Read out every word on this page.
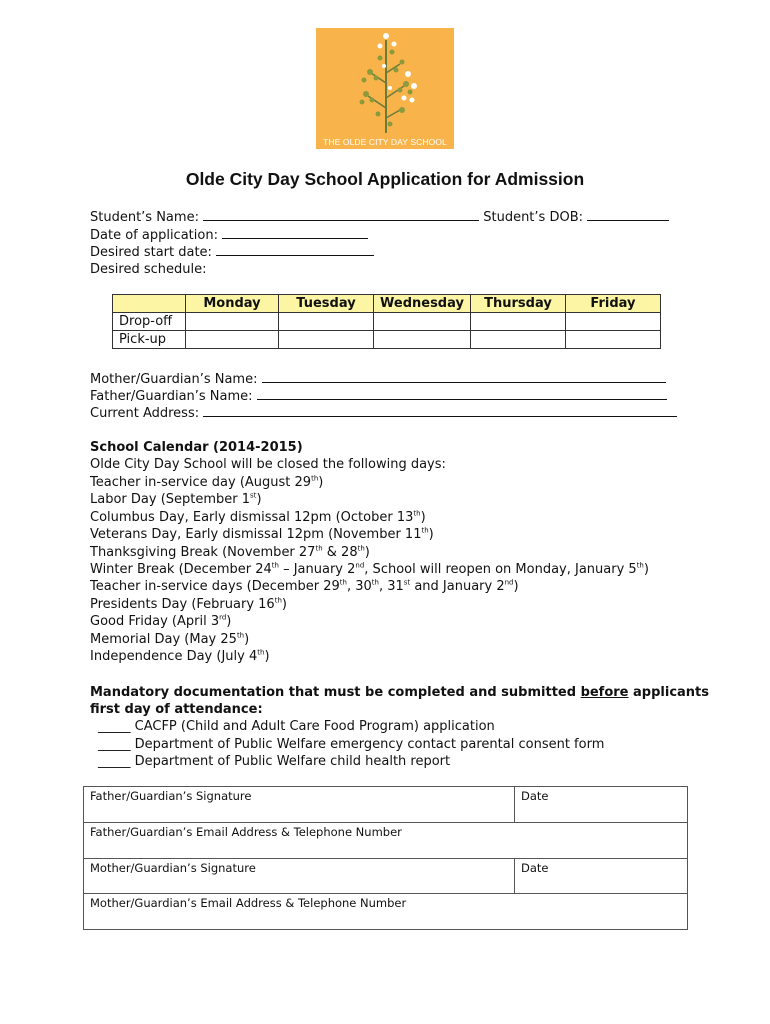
THE OLDE CITY DAY SCHOOL
Olde City Day School Application for Admission
Student’s Name:	Student’s DOB:
Date of application:
Desired start date:
Desired schedule:
	Monday	Tuesday	Wednesday	Thursday	Friday
Drop-off					
Pick-up					
Mother/Guardian’s Name:
Father/Guardian’s Name:
Current Address:
School Calendar (2014-2015)
Olde City Day School will be closed the following days:
Teacher in-service day (August 29th)
Labor Day (September 1st)
Columbus Day, Early dismissal 12pm (October 13th)
Veterans Day, Early dismissal 12pm (November 11th)
Thanksgiving Break (November 27th & 28th)
Winter Break (December 24th – January 2nd, School will reopen on Monday, January 5th)
Teacher in-service days (December 29th, 30th, 31st and January 2nd)
Presidents Day (February 16th)
Good Friday (April 3rd)
Memorial Day (May 25th)
Independence Day (July 4th)
Mandatory documentation that must be completed and submitted before applicants
first day of attendance:
_____ CACFP (Child and Adult Care Food Program) application
_____ Department of Public Welfare emergency contact parental consent form
_____ Department of Public Welfare child health report
Father/Guardian’s Signature	Date
Father/Guardian’s Email Address & Telephone Number
Mother/Guardian’s Signature	Date
Mother/Guardian’s Email Address & Telephone Number
